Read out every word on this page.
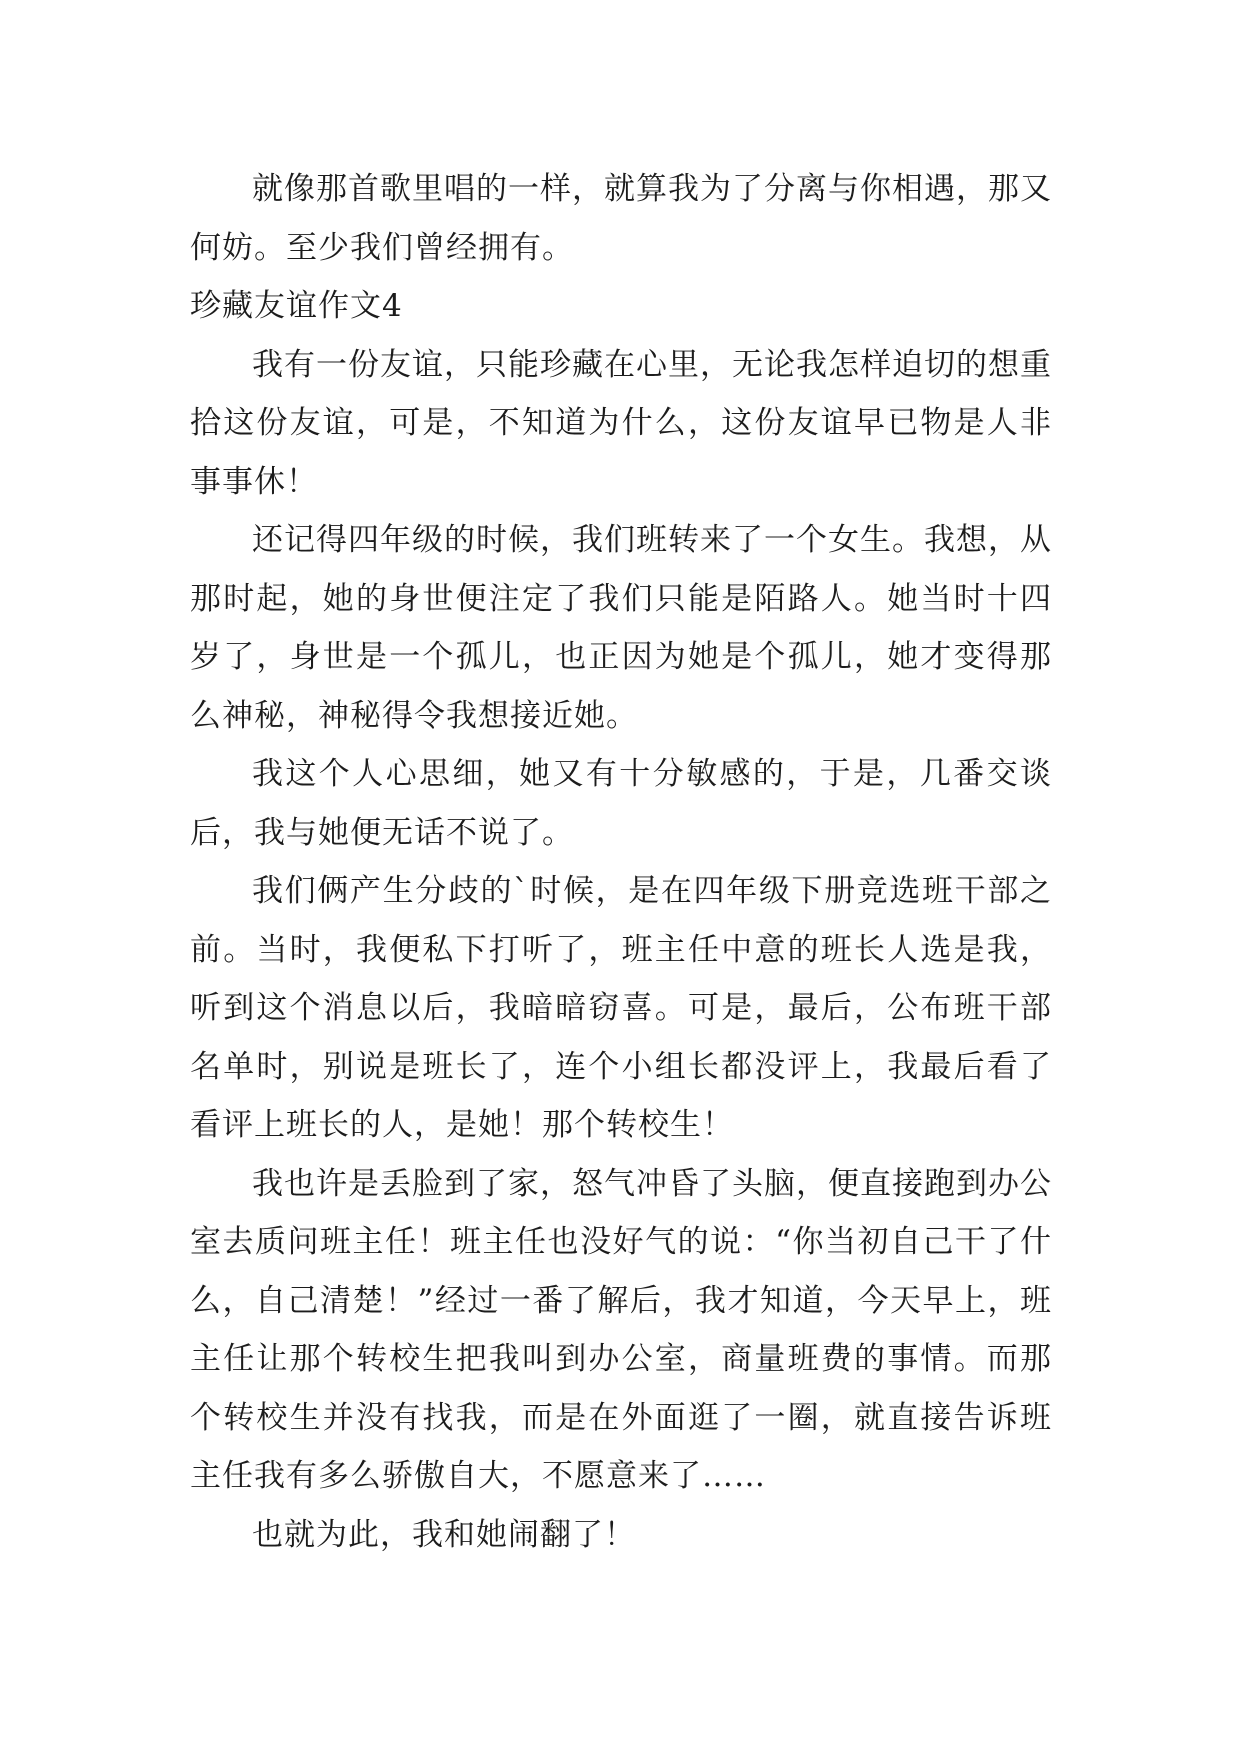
就像那首歌里唱的一样，就算我为了分离与你相遇，那又何妨。至少我们曾经拥有。

珍藏友谊作文4

我有一份友谊，只能珍藏在心里，无论我怎样迫切的想重拾这份友谊，可是，不知道为什么，这份友谊早已物是人非事事休！

还记得四年级的时候，我们班转来了一个女生。我想，从那时起，她的身世便注定了我们只能是陌路人。她当时十四岁了，身世是一个孤儿，也正因为她是个孤儿，她才变得那么神秘，神秘得令我想接近她。

我这个人心思细，她又有十分敏感的，于是，几番交谈后，我与她便无话不说了。

我们俩产生分歧的`时候，是在四年级下册竞选班干部之前。当时，我便私下打听了，班主任中意的班长人选是我，听到这个消息以后，我暗暗窃喜。可是，最后，公布班干部名单时，别说是班长了，连个小组长都没评上，我最后看了看评上班长的人，是她！那个转校生！

我也许是丢脸到了家，怒气冲昏了头脑，便直接跑到办公室去质问班主任！班主任也没好气的说：“你当初自己干了什么，自己清楚！”经过一番了解后，我才知道，今天早上，班主任让那个转校生把我叫到办公室，商量班费的事情。而那个转校生并没有找我，而是在外面逛了一圈，就直接告诉班主任我有多么骄傲自大，不愿意来了……

也就为此，我和她闹翻了！
